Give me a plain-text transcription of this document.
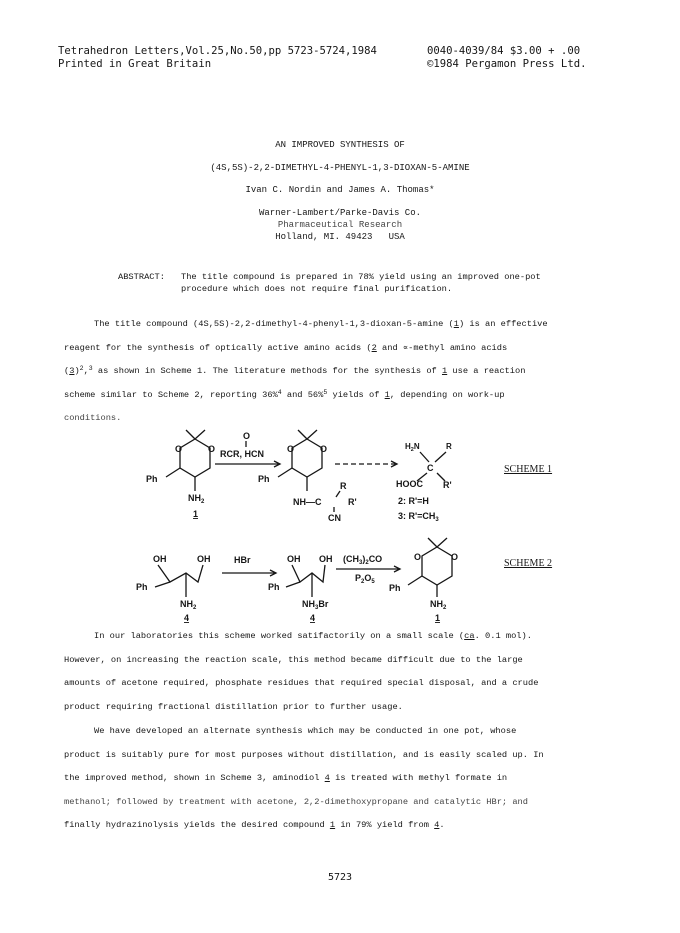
Tetrahedron Letters,Vol.25,No.50,pp 5723-5724,1984
Printed in Great Britain
0040-4039/84 $3.00 + .00
©1984 Pergamon Press Ltd.
AN IMPROVED SYNTHESIS OF
(4S,5S)-2,2-DIMETHYL-4-PHENYL-1,3-DIOXAN-5-AMINE
Ivan C. Nordin and James A. Thomas*
Warner-Lambert/Parke-Davis Co.
Pharmaceutical Research
Holland, MI. 49423   USA
ABSTRACT: The title compound is prepared in 78% yield using an improved one-pot
procedure which does not require final purification.
The title compound (4S,5S)-2,2-dimethyl-4-phenyl-1,3-dioxan-5-amine (1) is an effective
reagent for the synthesis of optically active amino acids (2 and ∝-methyl amino acids
$(3)^2,^3$ as shown in Scheme 1. The literature methods for the synthesis of 1 use a reaction
scheme similar to Scheme 2, reporting 36%$^4$ and 56%$^5$ yields of 1, depending on work-up
conditions.
O	O
Ph
$NH_2$
1
O
RCR, HCN	O	O
Ph
R
NH—C	R'
CN
$H_2N$	R
C
HOOC R'
2: R'=H
3: $R'=CH_3$
SCHEME 1
OH	OH
Ph
$NH_2$
4
HBr	OH OH
Ph
$NH_3Br$
4
$(CH_3)_2CO$
$P_2O_5$
O	O
Ph
$NH_2$
1
SCHEME 2
In our laboratories this scheme worked satifactorily on a small scale (ca. 0.1 mol).
However, on increasing the reaction scale, this method became difficult due to the large
amounts of acetone required, phosphate residues that required special disposal, and a crude
product requiring fractional distillation prior to further usage.
We have developed an alternate synthesis which may be conducted in one pot, whose
product is suitably pure for most purposes without distillation, and is easily scaled up. In
the improved method, shown in Scheme 3, aminodiol 4 is treated with methyl formate in
methanol; followed by treatment with acetone, 2,2-dimethoxypropane and catalytic HBr; and
finally hydrazinolysis yields the desired compound 1 in 79% yield from 4.
5723
